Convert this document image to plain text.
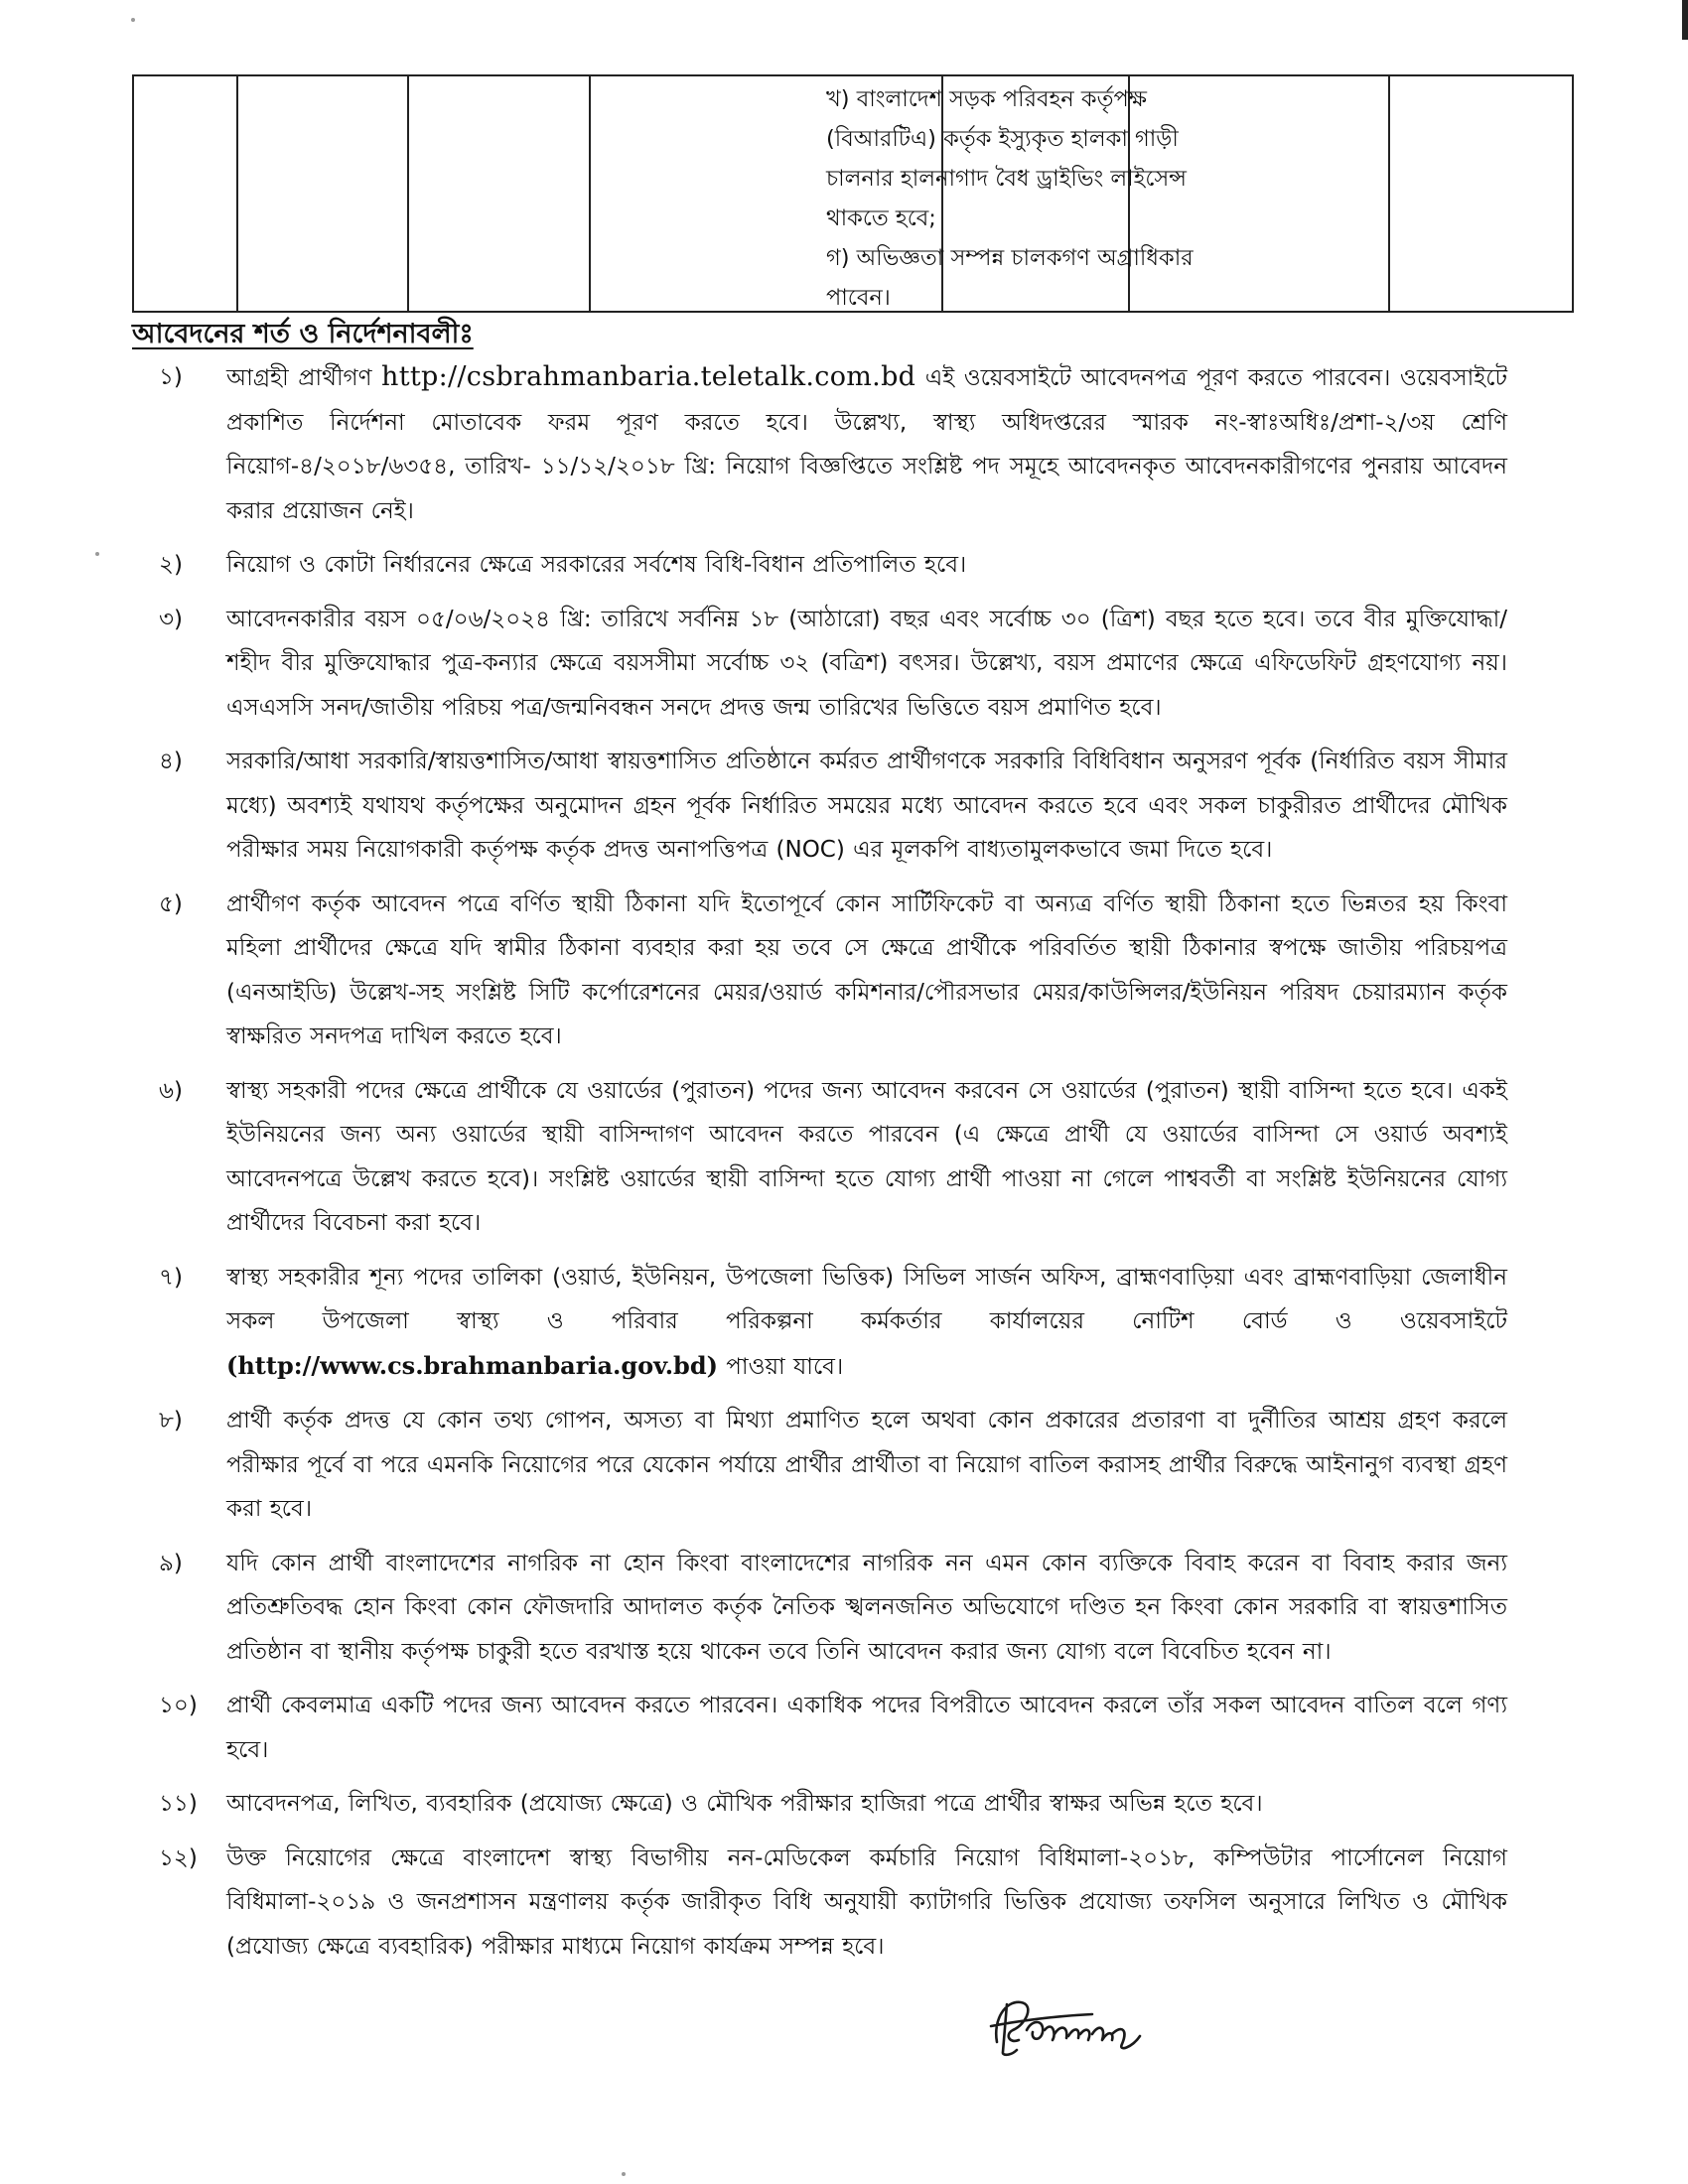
খ) বাংলাদেশ সড়ক পরিবহন কর্তৃপক্ষ
(বিআরটিএ) কর্তৃক ইস্যুকৃত হালকা গাড়ী
চালনার হালনাগাদ বৈধ ড্রাইভিং লাইসেন্স
থাকতে হবে;
গ) অভিজ্ঞতা সম্পন্ন চালকগণ অগ্রাধিকার
পাবেন।
আবেদনের শর্ত ও নির্দেশনাবলীঃ
১)	আগ্রহী প্রার্থীগণ http://csbrahmanbaria.teletalk.com.bd এই ওয়েবসাইটে আবেদনপত্র পূরণ করতে পারবেন। ওয়েবসাইটে প্রকাশিত নির্দেশনা মোতাবেক ফরম পূরণ করতে হবে। উল্লেখ্য, স্বাস্থ্য অধিদপ্তরের স্মারক নং-স্বাঃঅধিঃ/প্রশা-২/৩য় শ্রেণি নিয়োগ-৪/২০১৮/৬৩৫৪, তারিখ- ১১/১২/২০১৮ খ্রি: নিয়োগ বিজ্ঞপ্তিতে সংশ্লিষ্ট পদ সমূহে আবেদনকৃত আবেদনকারীগণের পুনরায় আবেদন করার প্রয়োজন নেই।
২)	নিয়োগ ও কোটা নির্ধারনের ক্ষেত্রে সরকারের সর্বশেষ বিধি-বিধান প্রতিপালিত হবে।
৩)	আবেদনকারীর বয়স ০৫/০৬/২০২৪ খ্রি: তারিখে সর্বনিম্ন ১৮ (আঠারো) বছর এবং সর্বোচ্চ ৩০ (ত্রিশ) বছর হতে হবে। তবে বীর মুক্তিযোদ্ধা/শহীদ বীর মুক্তিযোদ্ধার পুত্র-কন্যার ক্ষেত্রে বয়সসীমা সর্বোচ্চ ৩২ (বত্রিশ) বৎসর। উল্লেখ্য, বয়স প্রমাণের ক্ষেত্রে এফিডেফিট গ্রহণযোগ্য নয়। এসএসসি সনদ/জাতীয় পরিচয় পত্র/জন্মনিবন্ধন সনদে প্রদত্ত জন্ম তারিখের ভিত্তিতে বয়স প্রমাণিত হবে।
৪)	সরকারি/আধা সরকারি/স্বায়ত্তশাসিত/আধা স্বায়ত্তশাসিত প্রতিষ্ঠানে কর্মরত প্রার্থীগণকে সরকারি বিধিবিধান অনুসরণ পূর্বক (নির্ধারিত বয়স সীমার মধ্যে) অবশ্যই যথাযথ কর্তৃপক্ষের অনুমোদন গ্রহন পূর্বক নির্ধারিত সময়ের মধ্যে আবেদন করতে হবে এবং সকল চাকুরীরত প্রার্থীদের মৌখিক পরীক্ষার সময় নিয়োগকারী কর্তৃপক্ষ কর্তৃক প্রদত্ত অনাপত্তিপত্র (NOC) এর মূলকপি বাধ্যতামুলকভাবে জমা দিতে হবে।
৫)	প্রার্থীগণ কর্তৃক আবেদন পত্রে বর্ণিত স্থায়ী ঠিকানা যদি ইতোপূর্বে কোন সার্টিফিকেট বা অন্যত্র বর্ণিত স্থায়ী ঠিকানা হতে ভিন্নতর হয় কিংবা মহিলা প্রার্থীদের ক্ষেত্রে যদি স্বামীর ঠিকানা ব্যবহার করা হয় তবে সে ক্ষেত্রে প্রার্থীকে পরিবর্তিত স্থায়ী ঠিকানার স্বপক্ষে জাতীয় পরিচয়পত্র (এনআইডি) উল্লেখ-সহ সংশ্লিষ্ট সিটি কর্পোরেশনের মেয়র/ওয়ার্ড কমিশনার/পৌরসভার মেয়র/কাউন্সিলর/ইউনিয়ন পরিষদ চেয়ারম্যান কর্তৃক স্বাক্ষরিত সনদপত্র দাখিল করতে হবে।
৬)	স্বাস্থ্য সহকারী পদের ক্ষেত্রে প্রার্থীকে যে ওয়ার্ডের (পুরাতন) পদের জন্য আবেদন করবেন সে ওয়ার্ডের (পুরাতন) স্থায়ী বাসিন্দা হতে হবে। একই ইউনিয়নের জন্য অন্য ওয়ার্ডের স্থায়ী বাসিন্দাগণ আবেদন করতে পারবেন (এ ক্ষেত্রে প্রার্থী যে ওয়ার্ডের বাসিন্দা সে ওয়ার্ড অবশ্যই আবেদনপত্রে উল্লেখ করতে হবে)। সংশ্লিষ্ট ওয়ার্ডের স্থায়ী বাসিন্দা হতে যোগ্য প্রার্থী পাওয়া না গেলে পাশ্ববর্তী বা সংশ্লিষ্ট ইউনিয়নের যোগ্য প্রার্থীদের বিবেচনা করা হবে।
৭)	স্বাস্থ্য সহকারীর শূন্য পদের তালিকা (ওয়ার্ড, ইউনিয়ন, উপজেলা ভিত্তিক) সিভিল সার্জন অফিস, ব্রাহ্মণবাড়িয়া এবং ব্রাহ্মণবাড়িয়া জেলাধীন সকল উপজেলা স্বাস্থ্য ও পরিবার পরিকল্পনা কর্মকর্তার কার্যালয়ের নোটিশ বোর্ড ও ওয়েবসাইটে (http://www.cs.brahmanbaria.gov.bd) পাওয়া যাবে।
৮)	প্রার্থী কর্তৃক প্রদত্ত যে কোন তথ্য গোপন, অসত্য বা মিথ্যা প্রমাণিত হলে অথবা কোন প্রকারের প্রতারণা বা দুর্নীতির আশ্রয় গ্রহণ করলে পরীক্ষার পূর্বে বা পরে এমনকি নিয়োগের পরে যেকোন পর্যায়ে প্রার্থীর প্রার্থীতা বা নিয়োগ বাতিল করাসহ প্রার্থীর বিরুদ্ধে আইনানুগ ব্যবস্থা গ্রহণ করা হবে।
৯)	যদি কোন প্রার্থী বাংলাদেশের নাগরিক না হোন কিংবা বাংলাদেশের নাগরিক নন এমন কোন ব্যক্তিকে বিবাহ করেন বা বিবাহ করার জন্য প্রতিশ্রুতিবদ্ধ হোন কিংবা কোন ফৌজদারি আদালত কর্তৃক নৈতিক স্খলনজনিত অভিযোগে দণ্ডিত হন কিংবা কোন সরকারি বা স্বায়ত্তশাসিত প্রতিষ্ঠান বা স্থানীয় কর্তৃপক্ষ চাকুরী হতে বরখাস্ত হয়ে থাকেন তবে তিনি আবেদন করার জন্য যোগ্য বলে বিবেচিত হবেন না।
১০)	প্রার্থী কেবলমাত্র একটি পদের জন্য আবেদন করতে পারবেন। একাধিক পদের বিপরীতে আবেদন করলে তাঁর সকল আবেদন বাতিল বলে গণ্য হবে।
১১)	আবেদনপত্র, লিখিত, ব্যবহারিক (প্রযোজ্য ক্ষেত্রে) ও মৌখিক পরীক্ষার হাজিরা পত্রে প্রার্থীর স্বাক্ষর অভিন্ন হতে হবে।
১২)	উক্ত নিয়োগের ক্ষেত্রে বাংলাদেশ স্বাস্থ্য বিভাগীয় নন-মেডিকেল কর্মচারি নিয়োগ বিধিমালা-২০১৮, কম্পিউটার পার্সোনেল নিয়োগ বিধিমালা-২০১৯ ও জনপ্রশাসন মন্ত্রণালয় কর্তৃক জারীকৃত বিধি অনুযায়ী ক্যাটাগরি ভিত্তিক প্রযোজ্য তফসিল অনুসারে লিখিত ও মৌখিক (প্রযোজ্য ক্ষেত্রে ব্যবহারিক) পরীক্ষার মাধ্যমে নিয়োগ কার্যক্রম সম্পন্ন হবে।
